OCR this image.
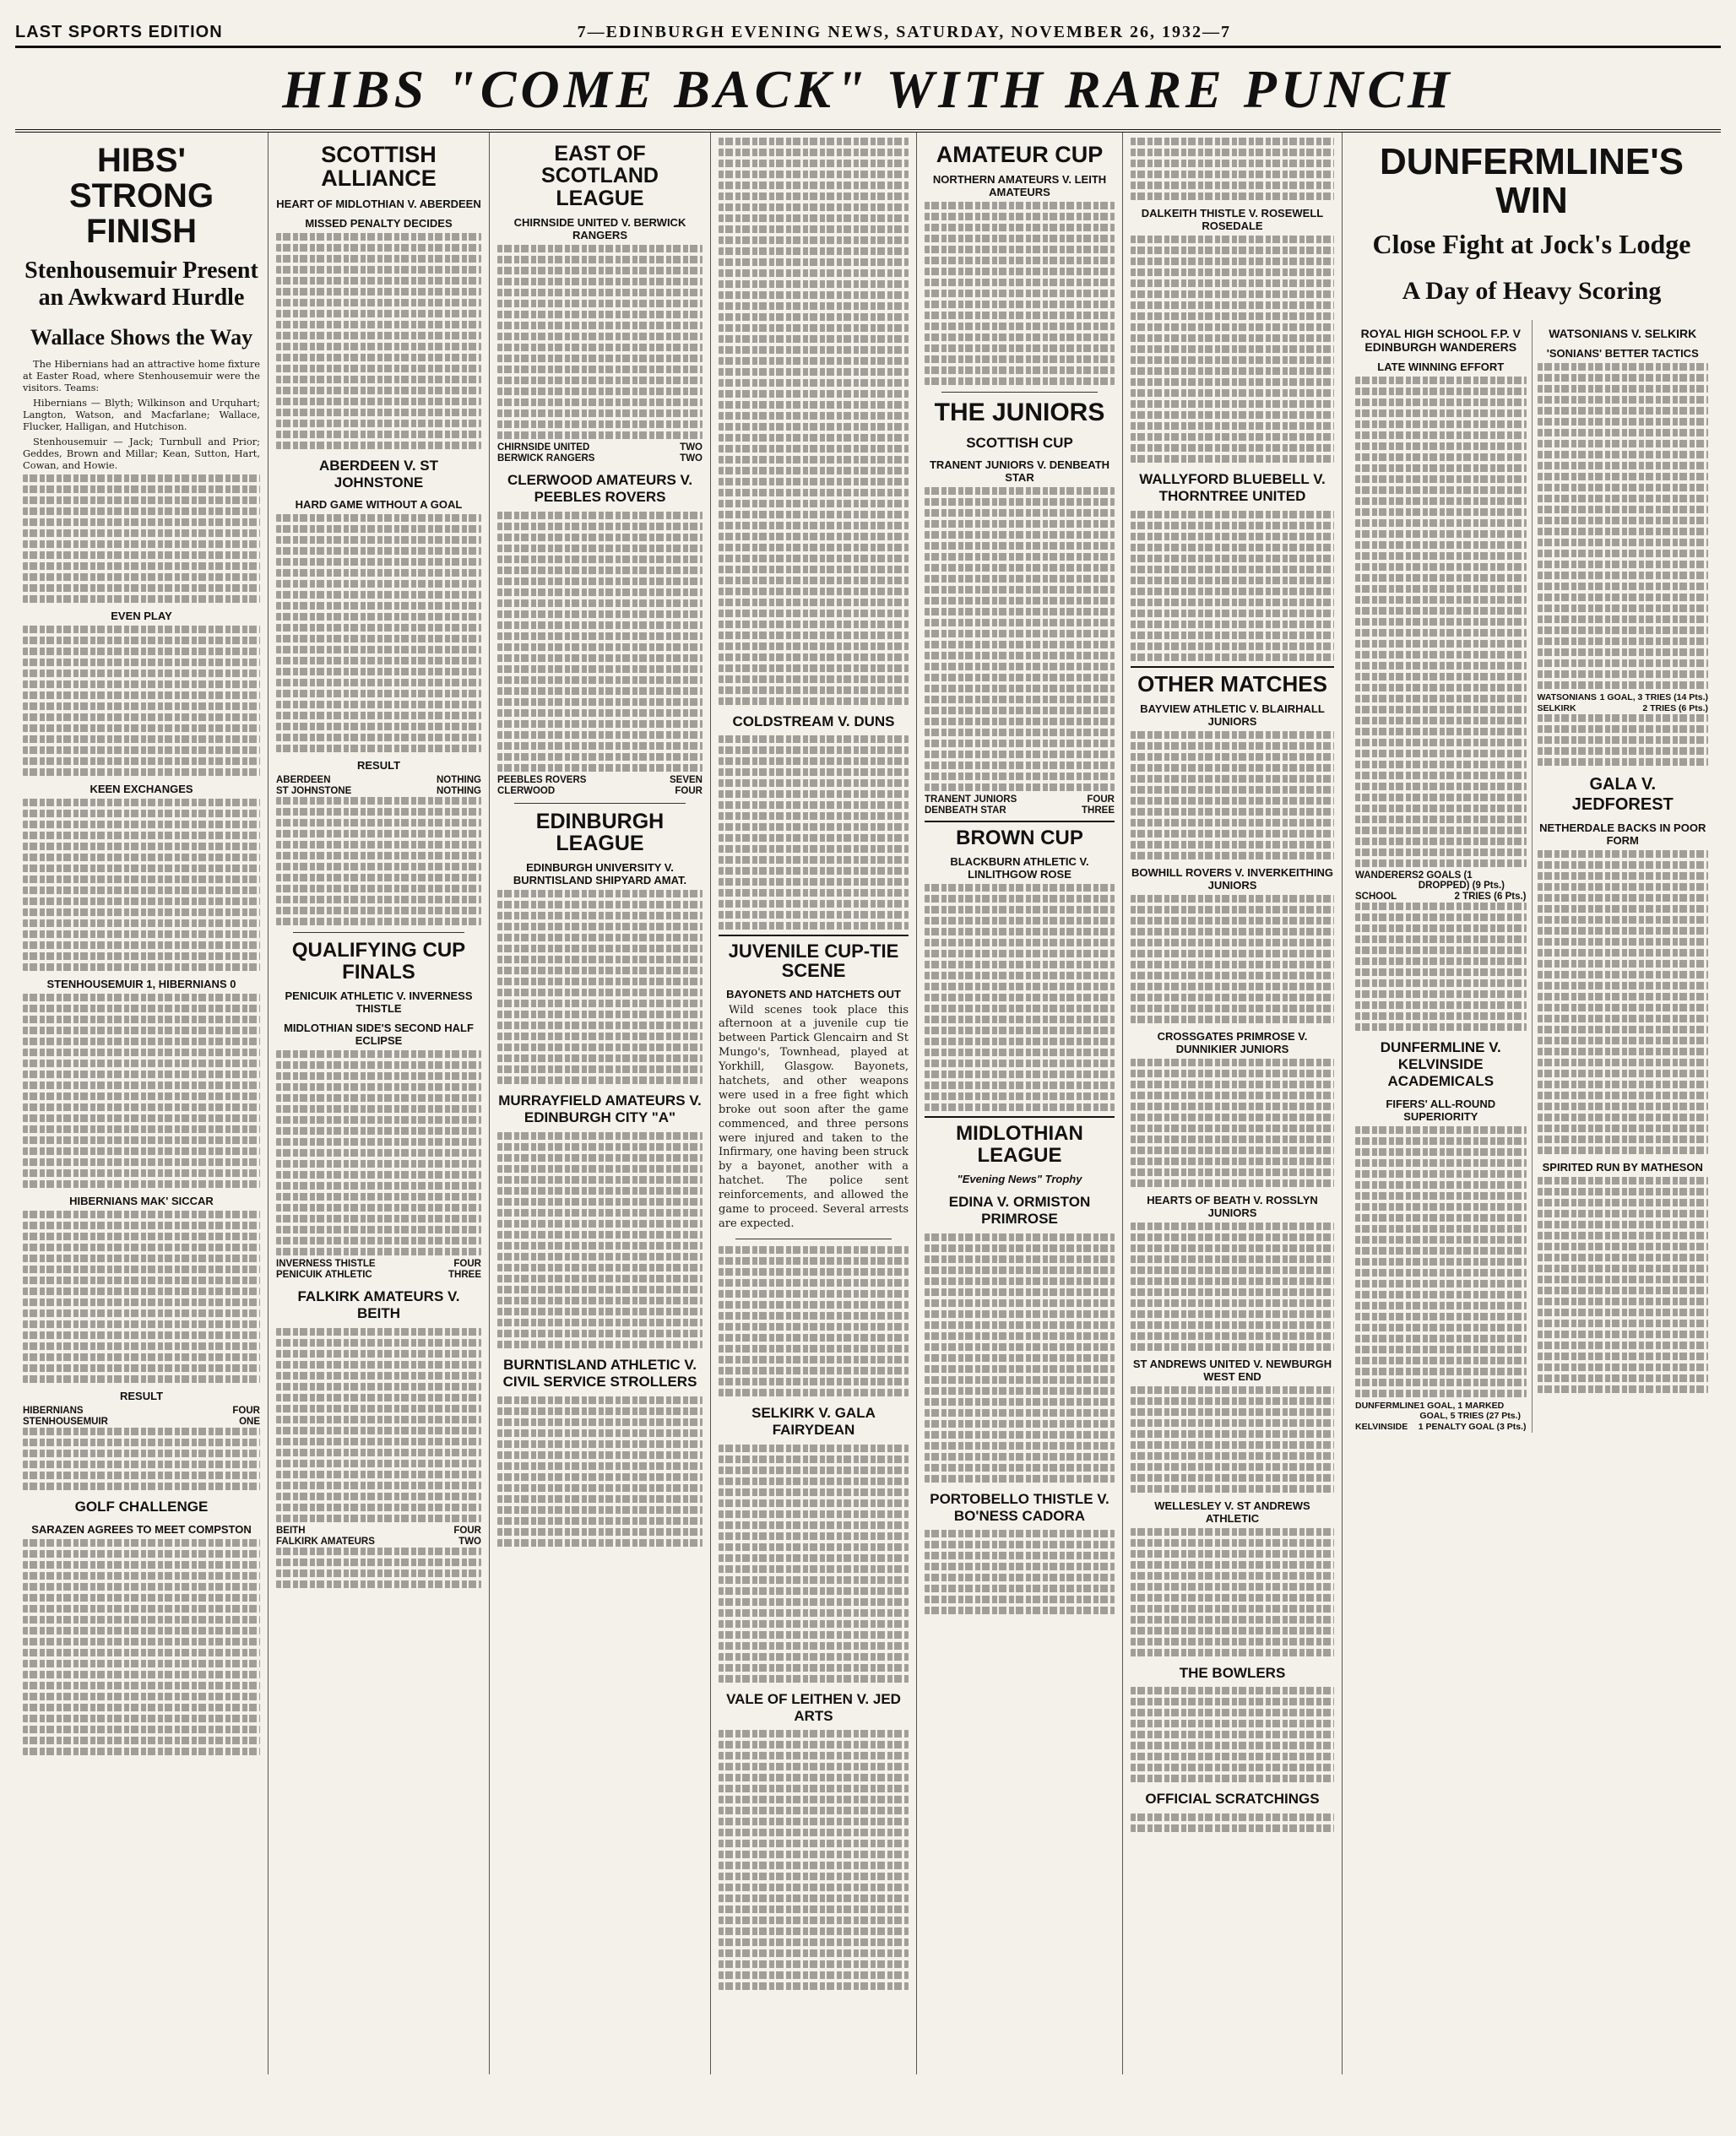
LAST SPORTS EDITION	7—EDINBURGH EVENING NEWS, SATURDAY, NOVEMBER 26, 1932—7
HIBS "COME BACK" WITH RARE PUNCH
HIBS' STRONG FINISH
Stenhousemuir Present an Awkward Hurdle
Wallace Shows the Way

The Hibernians had an attractive home fixture at Easter Road, where Stenhousemuir were the visitors. Teams:

Hibernians — Blyth; Wilkinson and Urquhart; Langton, Watson, and Macfarlane; Wallace, Flucker, Halligan, and Hutchison.

Stenhousemuir — Jack; Turnbull and Prior; Geddes, Brown and Millar; Kean, Sutton, Hart, Cowan, and Howie.

EVEN PLAY
KEEN EXCHANGES
STENHOUSEMUIR 1, HIBERNIANS 0
HIBERNIANS MAK' SICCAR
RESULT
HIBERNIANS	FOUR
STENHOUSEMUIR	ONE
GOLF CHALLENGE
SARAZEN AGREES TO MEET COMPSTON
SCOTTISH ALLIANCE
HEART OF MIDLOTHIAN V. ABERDEEN
MISSED PENALTY DECIDES
ABERDEEN V. ST JOHNSTONE
HARD GAME WITHOUT A GOAL
RESULT
ABERDEEN	NOTHING
ST JOHNSTONE	NOTHING
QUALIFYING CUP FINALS
PENICUIK ATHLETIC V. INVERNESS THISTLE
MIDLOTHIAN SIDE'S SECOND HALF ECLIPSE
INVERNESS THISTLE	FOUR
PENICUIK ATHLETIC	THREE
FALKIRK AMATEURS V. BEITH
BEITH	FOUR
FALKIRK AMATEURS	TWO
EAST OF SCOTLAND LEAGUE
CHIRNSIDE UNITED V. BERWICK RANGERS
CHIRNSIDE UNITED	TWO
BERWICK RANGERS	TWO
CLERWOOD AMATEURS V. PEEBLES ROVERS
PEEBLES ROVERS	SEVEN
CLERWOOD	FOUR
EDINBURGH LEAGUE
EDINBURGH UNIVERSITY V. BURNTISLAND SHIPYARD AMAT.
MURRAYFIELD AMATEURS V. EDINBURGH CITY "A"
BURNTISLAND ATHLETIC V. CIVIL SERVICE STROLLERS
COLDSTREAM V. DUNS
JUVENILE CUP-TIE SCENE
BAYONETS AND HATCHETS OUT

Wild scenes took place this afternoon at a juvenile cup tie between Partick Glencairn and St Mungo's, Townhead, played at Yorkhill, Glasgow. Bayonets, hatchets, and other weapons were used in a free fight which broke out soon after the game commenced, and three persons were injured and taken to the Infirmary, one having been struck by a bayonet, another with a hatchet. The police sent reinforcements, and allowed the game to proceed. Several arrests are expected.

SELKIRK V. GALA FAIRYDEAN
VALE OF LEITHEN V. JED ARTS
AMATEUR CUP
NORTHERN AMATEURS V. LEITH AMATEURS
THE JUNIORS
SCOTTISH CUP
TRANENT JUNIORS V. DENBEATH STAR
TRANENT JUNIORS	FOUR
DENBEATH STAR	THREE
BROWN CUP
BLACKBURN ATHLETIC V. LINLITHGOW ROSE
MIDLOTHIAN LEAGUE
"Evening News" Trophy
EDINA V. ORMISTON PRIMROSE
PORTOBELLO THISTLE V. BO'NESS CADORA
DALKEITH THISTLE V. ROSEWELL ROSEDALE
WALLYFORD BLUEBELL V. THORNTREE UNITED
OTHER MATCHES
BAYVIEW ATHLETIC V. BLAIRHALL JUNIORS
BOWHILL ROVERS V. INVERKEITHING JUNIORS
CROSSGATES PRIMROSE V. DUNNIKIER JUNIORS
HEARTS OF BEATH V. ROSSLYN JUNIORS
ST ANDREWS UNITED V. NEWBURGH WEST END
WELLESLEY V. ST ANDREWS ATHLETIC
THE BOWLERS
OFFICIAL SCRATCHINGS
DUNFERMLINE'S WIN
Close Fight at Jock's Lodge
A Day of Heavy Scoring
ROYAL HIGH SCHOOL F.P. V EDINBURGH WANDERERS
LATE WINNING EFFORT
WANDERERS 2 GOALS (1 DROPPED) (9 Pts.)
SCHOOL	2 TRIES (6 Pts.)
DUNFERMLINE V. KELVINSIDE ACADEMICALS
FIFERS' ALL-ROUND SUPERIORITY
DUNFERMLINE 1 GOAL, 1 MARKED GOAL, 5 TRIES (27 Pts.)
KELVINSIDE 1 PENALTY GOAL (3 Pts.)
WATSONIANS V. SELKIRK
'SONIANS' BETTER TACTICS
WATSONIANS 1 GOAL, 3 TRIES (14 Pts.)
SELKIRK	2 TRIES (6 Pts.)
GALA V. JEDFOREST
NETHERDALE BACKS IN POOR FORM
SPIRITED RUN BY MATHESON
